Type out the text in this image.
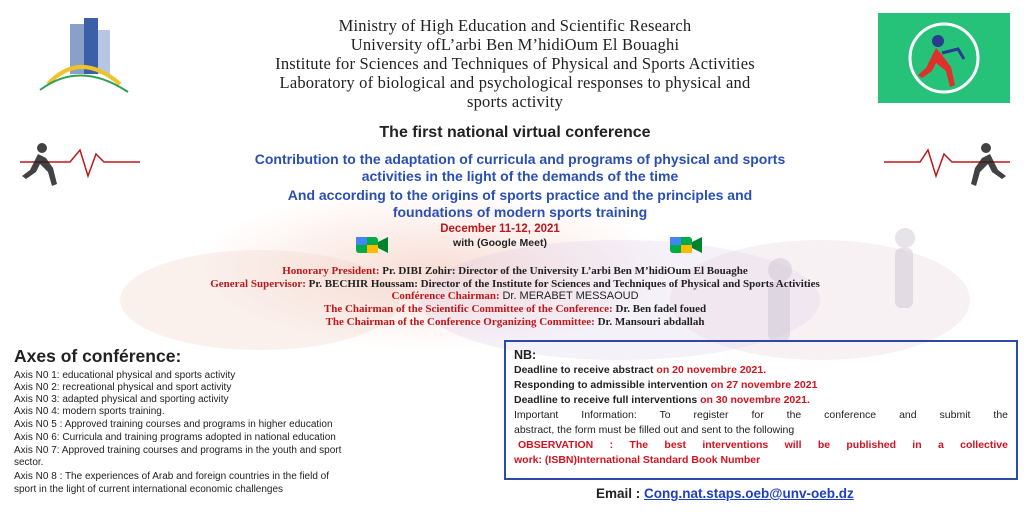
Ministry of High Education and Scientific Research
University ofL’arbi Ben M’hidiOum El Bouaghi
Institute for Sciences and Techniques of Physical and Sports Activities
Laboratory of biological and psychological responses to physical and
sports activity
The first national virtual conference
Contribution to the adaptation of curricula and programs of physical and sports
activities in the light of the demands of the time
And according to the origins of sports practice and the principles and
foundations of modern sports training
December 11-12, 2021
with (Google Meet)
Honorary President: Pr. DIBI Zohir: Director of the University L’arbi Ben M’hidiOum El Bouaghe
General Supervisor: Pr. BECHIR Houssam: Director of the Institute for Sciences and Techniques of Physical and Sports Activities
Conférence Chairman: Dr. MERABET MESSAOUD
The Chairman of the Scientific Committee of the Conference: Dr. Ben fadel foued
The Chairman of the Conference Organizing Committee: Dr. Mansouri abdallah
Axes of conférence:
Axis N0 1: educational physical and sports activity
Axis N0 2: recreational physical and sport activity
Axis N0 3: adapted physical and sporting activity
Axis N0 4: modern sports training.
Axis N0 5 : Approved training courses and programs in higher education
Axis N0 6: Curricula and training programs adopted in national education
Axis N0 7: Approved training courses and programs in the youth and sport
sector.
Axis N0 8 : The experiences of Arab and foreign countries in the field of
sport in the light of current international economic challenges
NB:
Deadline to receive abstract on 20 novembre 2021.
Responding to admissible intervention on 27 novembre 2021
Deadline to receive full interventions on 30 novembre 2021.
Important Information: To register for the conference and submit the
abstract, the form must be filled out and sent to the following
OBSERVATION : The best interventions will be published in a collective
work: (ISBN)International Standard Book Number
Email : Cong.nat.staps.oeb@unv-oeb.dz
